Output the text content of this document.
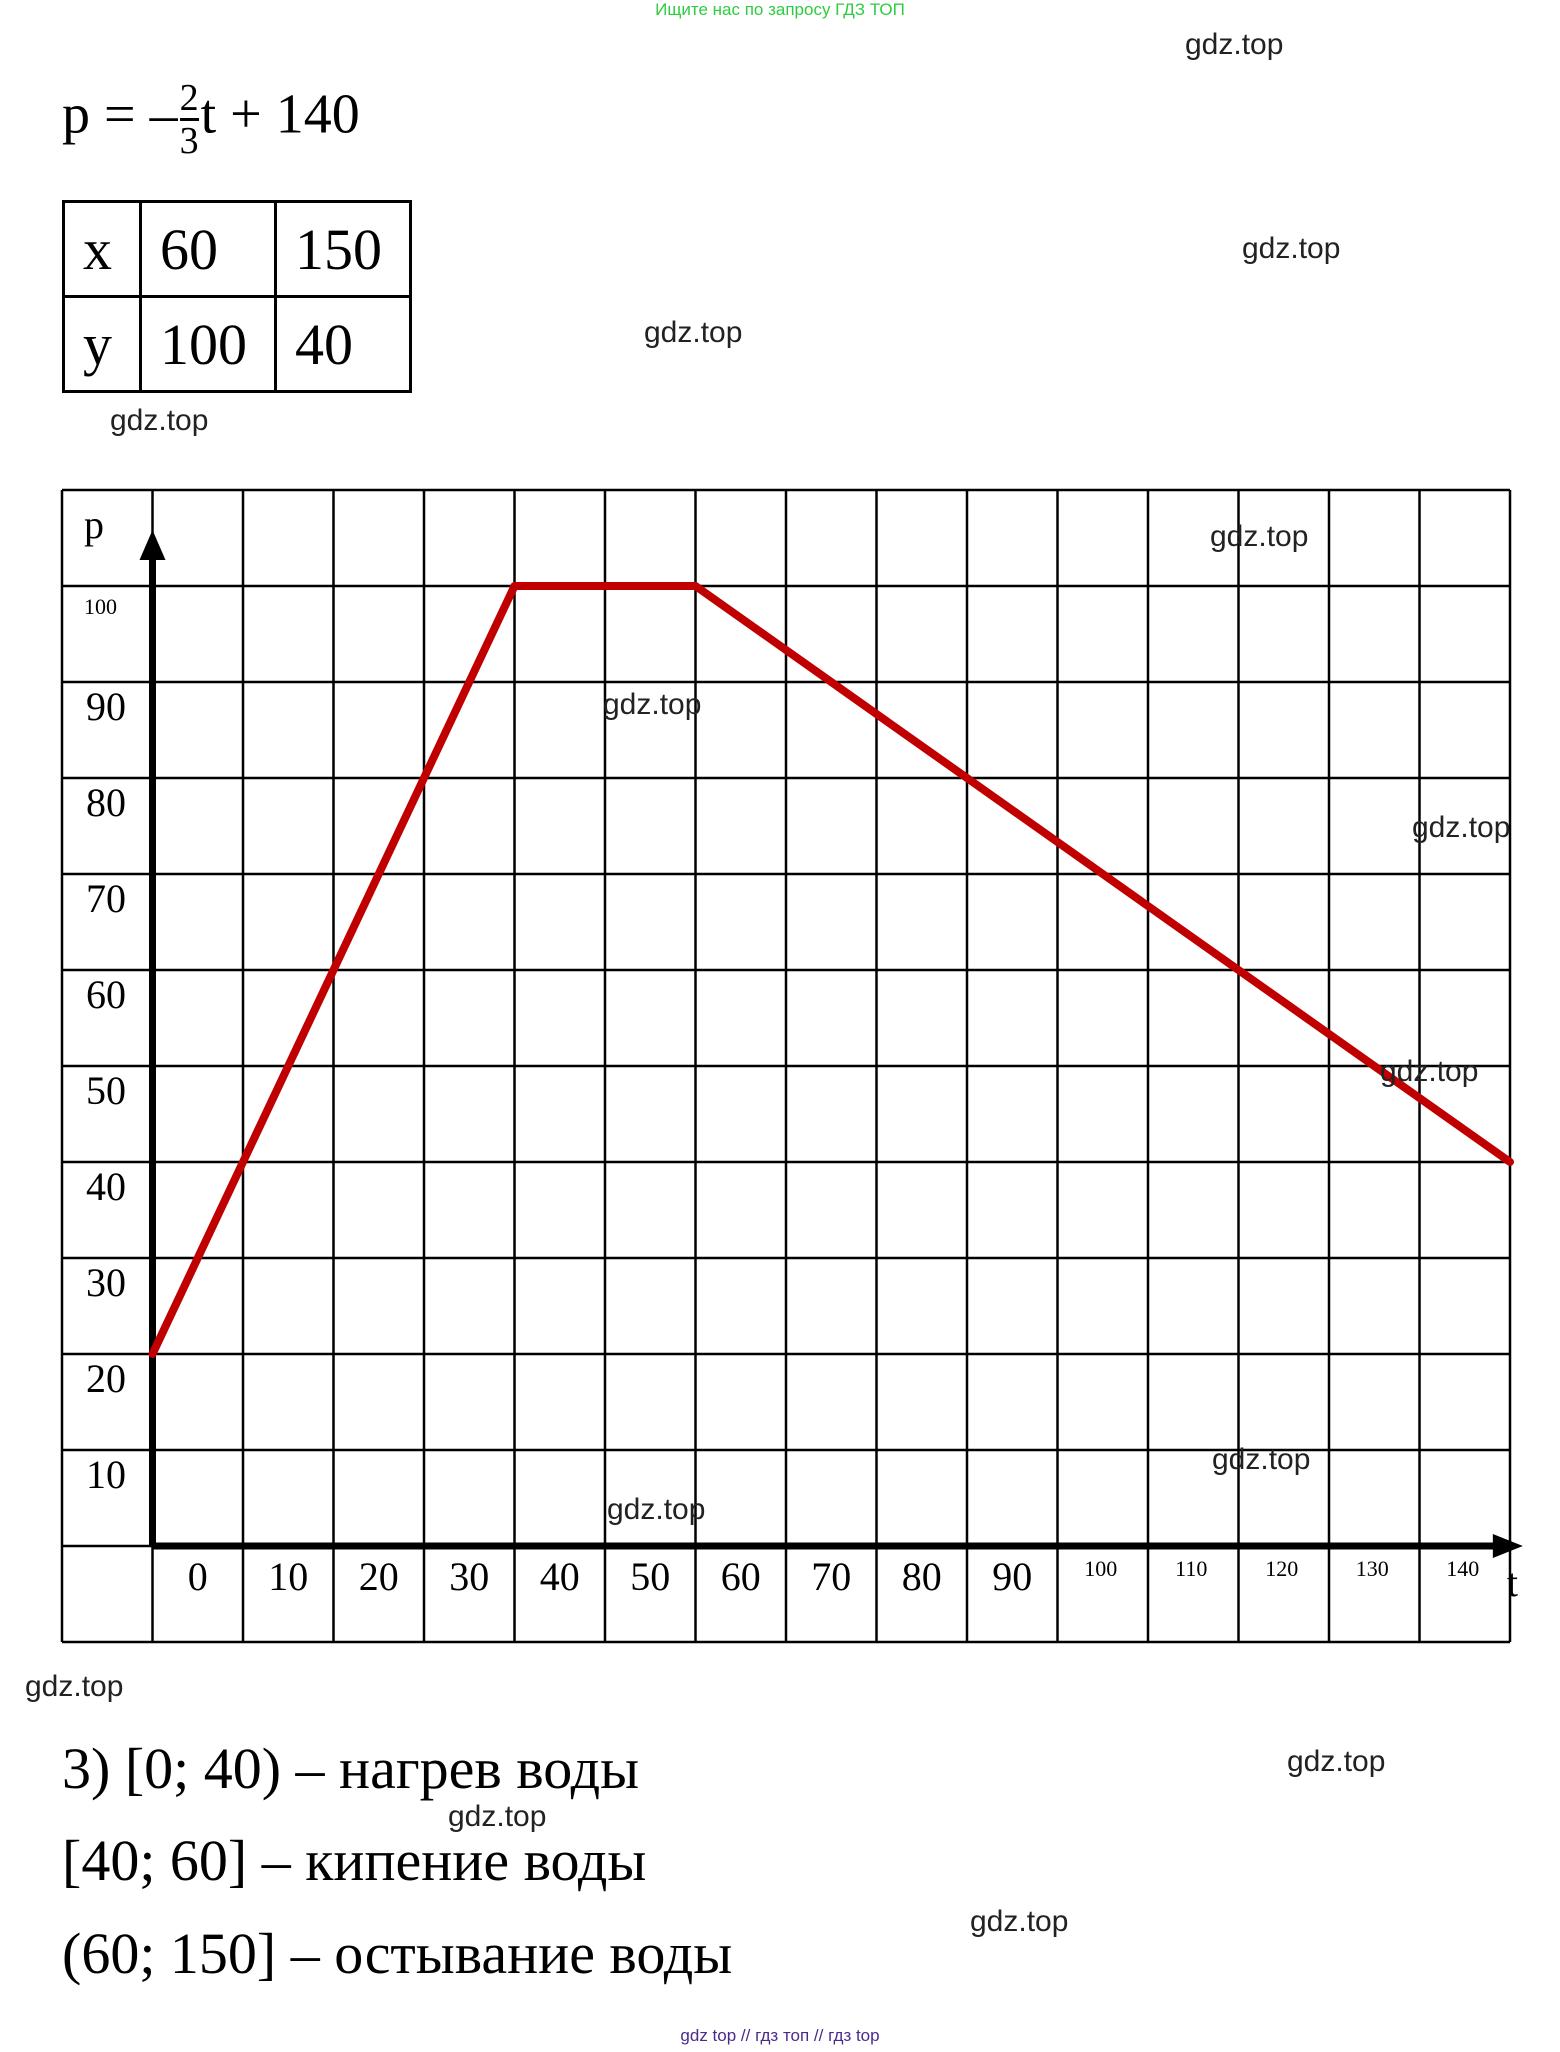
Ищите нас по запросу ГДЗ ТОП
p = – $\frac{2}{3}$ t + 140
x	60	150
y	100	40
p
t
10
20
30
40
50
60
70
80
90
100
0 10 20 30 40 50 60 70 80 90 100	110	120	130	140
3) [0; 40) – нагрев воды
[40; 60] – кипение воды
(60; 150] – остывание воды
gdz.top
gdz.top
gdz.top
gdz.top
gdz.top
gdz.top
gdz.top
gdz.top
gdz.top
gdz.top
gdz.top
gdz.top
gdz.top
gdz.top
gdz top // гдз топ // гдз top
